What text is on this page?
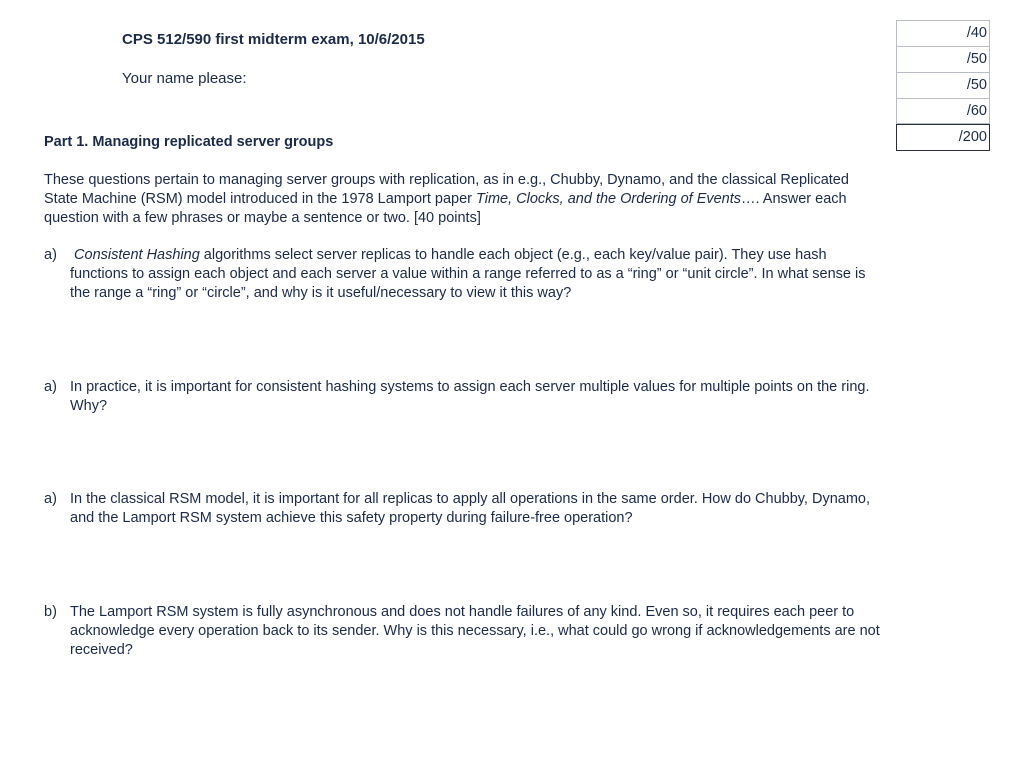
CPS 512/590 first midterm exam, 10/6/2015
Your name please:
/40
/50
/50
/60
/200
Part 1. Managing replicated server groups
These questions pertain to managing server groups with replication, as in e.g., Chubby, Dynamo, and the classical Replicated State Machine (RSM) model introduced in the 1978 Lamport paper Time, Clocks, and the Ordering of Events…. Answer each question with a few phrases or maybe a sentence or two. [40 points]
a)	Consistent Hashing algorithms select server replicas to handle each object (e.g., each key/value pair). They use hash functions to assign each object and each server a value within a range referred to as a “ring” or “unit circle”. In what sense is the range a “ring” or “circle”, and why is it useful/necessary to view it this way?
a) In practice, it is important for consistent hashing systems to assign each server multiple values for multiple points on the ring. Why?
a) In the classical RSM model, it is important for all replicas to apply all operations in the same order. How do Chubby, Dynamo, and the Lamport RSM system achieve this safety property during failure-free operation?
b) The Lamport RSM system is fully asynchronous and does not handle failures of any kind. Even so, it requires each peer to acknowledge every operation back to its sender. Why is this necessary, i.e., what could go wrong if acknowledgements are not received?
